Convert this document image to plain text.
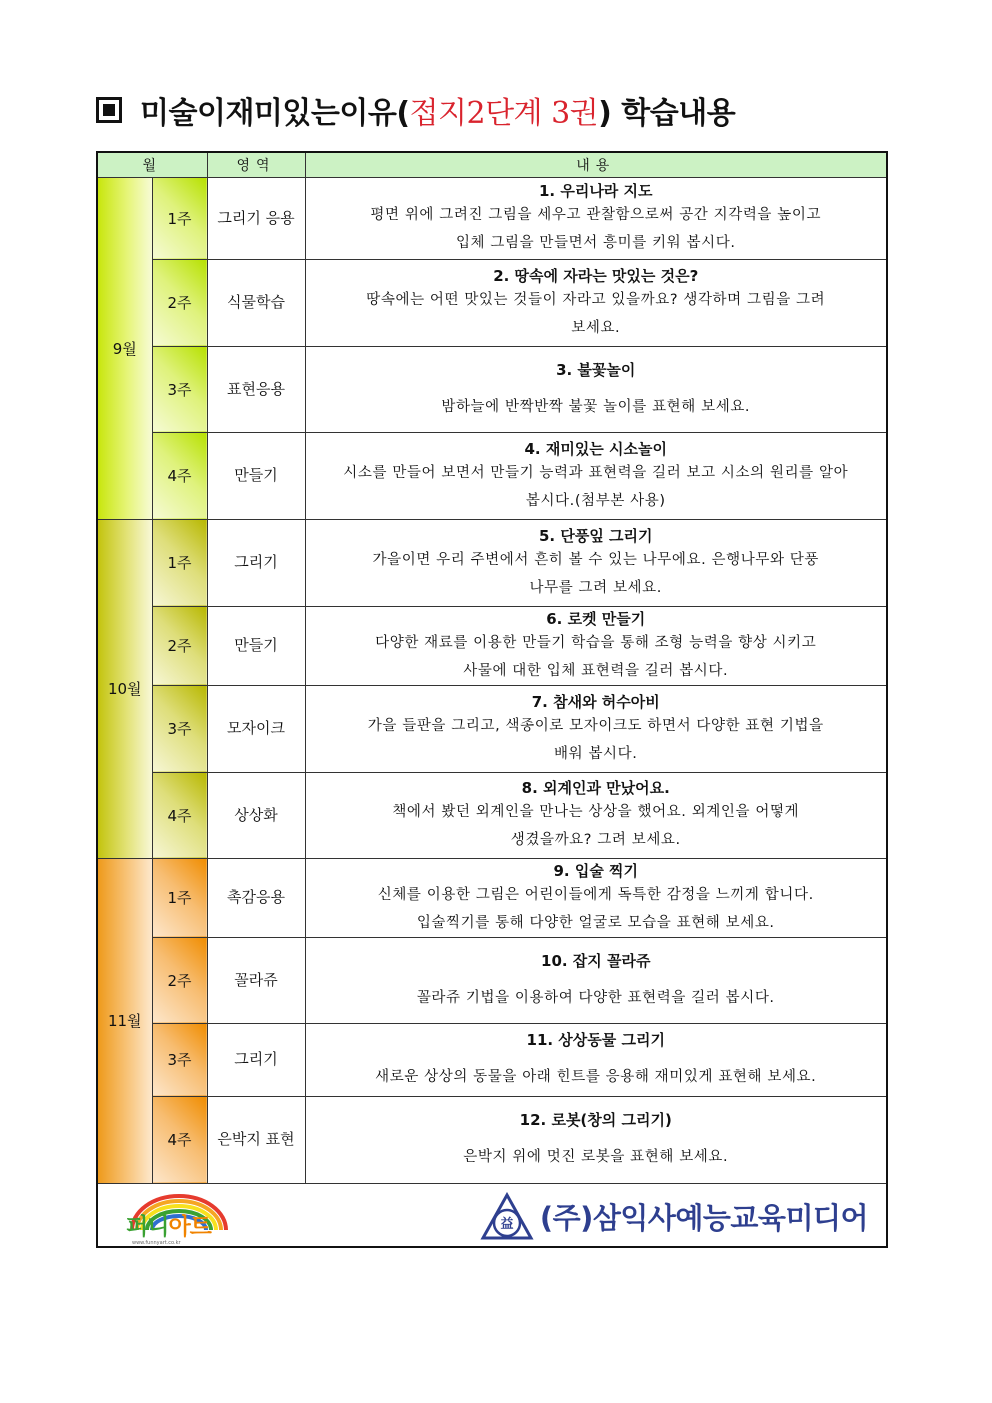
미술이재미있는이유( 접지2단계 3권 ) 학습내용
월		영역	내용
9월	1주	그리기 응용	1. 우리나라 지도
평면 위에 그려진 그림을 세우고 관찰함으로써 공간 지각력을 높이고
입체 그림을 만들면서 흥미를 키워 봅시다.

	2주	식물학습	2. 땅속에 자라는 맛있는 것은?
땅속에는 어떤 맛있는 것들이 자라고 있을까요? 생각하며 그림을 그려
보세요.

	3주	표현응용	3. 불꽃놀이
밤하늘에 반짝반짝 불꽃 놀이를 표현해 보세요.

	4주	만들기	4. 재미있는 시소놀이
시소를 만들어 보면서 만들기 능력과 표현력을 길러 보고 시소의 원리를 알아
봅시다.(첨부본 사용)

10월	1주	그리기	5. 단풍잎 그리기
가을이면 우리 주변에서 흔히 볼 수 있는 나무에요. 은행나무와 단풍
나무를 그려 보세요.

	2주	만들기	6. 로켓 만들기
다양한 재료를 이용한 만들기 학습을 통해 조형 능력을 향상 시키고
사물에 대한 입체 표현력을 길러 봅시다.

	3주	모자이크	7. 참새와 허수아비
가을 들판을 그리고, 색종이로 모자이크도 하면서 다양한 표현 기법을
배워 봅시다.

	4주	상상화	8. 외계인과 만났어요.
책에서 봤던 외계인을 만나는 상상을 했어요. 외계인을 어떻게
생겼을까요? 그려 보세요.

11월	1주	촉감응용	9. 입술 찍기
신체를 이용한 그림은 어린이들에게 독특한 감정을 느끼게 합니다.
입술찍기를 통해 다양한 얼굴로 모습을 표현해 보세요.

	2주	꼴라쥬	10. 잡지 꼴라쥬
꼴라쥬 기법을 이용하여 다양한 표현력을 길러 봅시다.

	3주	그리기	11. 상상동물 그리기
새로운 상상의 동물을 아래 힌트를 응용해 재미있게 표현해 보세요.

	4주	은박지 표현	12. 로봇(창의 그리기)
은박지 위에 멋진 로봇을 표현해 보세요.

퍼니 아트
www.funnyart.co.kr
益 (주)삼익사예능교육미디어			
